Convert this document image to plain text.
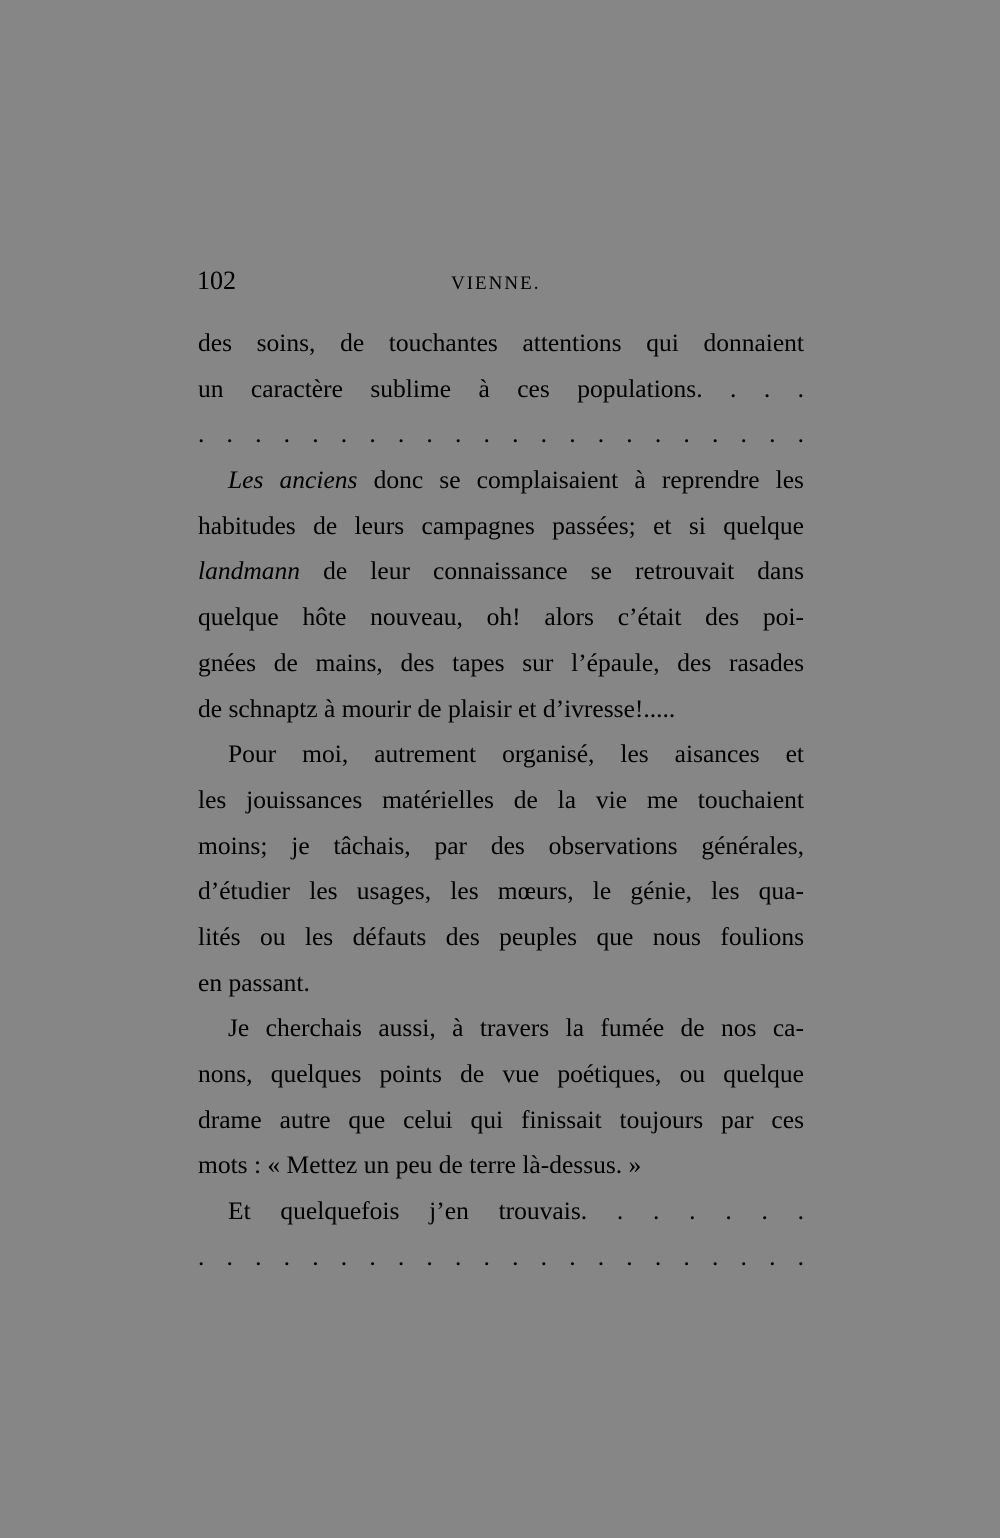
102	VIENNE.
des soins, de touchantes attentions qui donnaient
un caractère sublime à ces populations. . . .
. . . . . . . . . . . . . . . . . . . . . .
Les anciens donc se complaisaient à reprendre les
habitudes de leurs campagnes passées; et si quelque
landmann de leur connaissance se retrouvait dans
quelque hôte nouveau, oh! alors c’était des poi-
gnées de mains, des tapes sur l’épaule, des rasades
de schnaptz à mourir de plaisir et d’ivresse!.....
Pour moi, autrement organisé, les aisances et
les jouissances matérielles de la vie me touchaient
moins; je tâchais, par des observations générales,
d’étudier les usages, les mœurs, le génie, les qua-
lités ou les défauts des peuples que nous foulions
en passant.
Je cherchais aussi, à travers la fumée de nos ca-
nons, quelques points de vue poétiques, ou quelque
drame autre que celui qui finissait toujours par ces
mots : « Mettez un peu de terre là-dessus. »
Et quelquefois j’en trouvais. . . . . . .
. . . . . . . . . . . . . . . . . . . . . .
